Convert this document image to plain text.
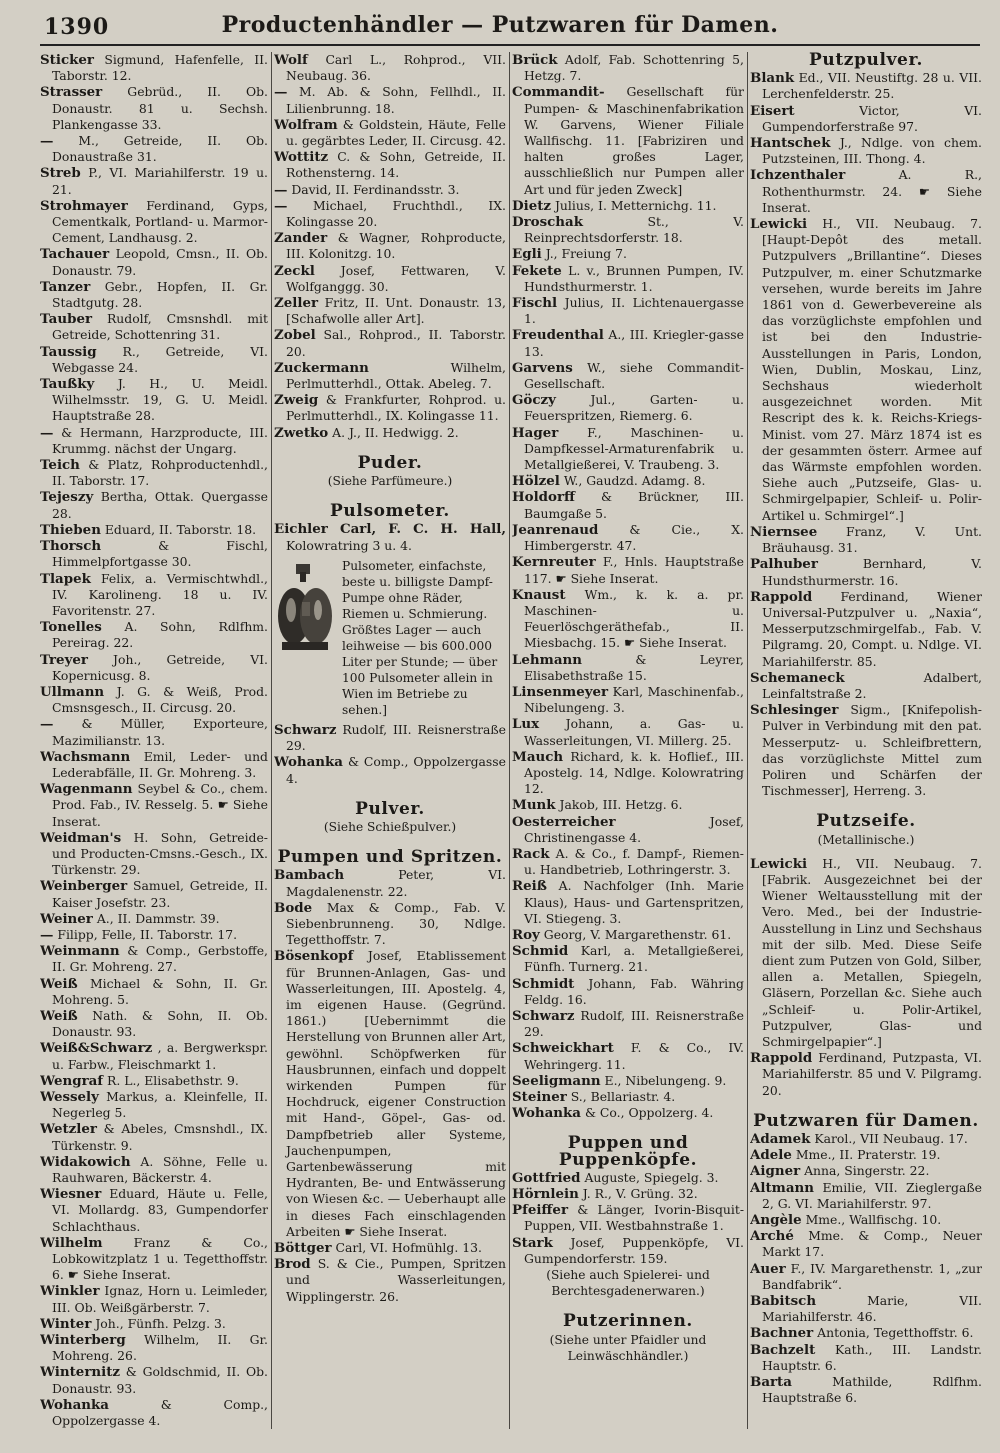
1390	Productenhändler — Putzwaren für Damen.

Sticker Sigmund, Hafenfelle, II. Taborstr. 12.

Strasser Gebrüd., II. Ob. Donaustr. 81 u. Sechsh. Plankengasse 33.

— M., Getreide, II. Ob. Donaustraße 31.

Streb P., VI. Mariahilferstr. 19 u. 21.

Strohmayer Ferdinand, Gyps, Cementkalk, Portland- u. Marmor-Cement, Landhausg. 2.

Tachauer Leopold, Cmsn., II. Ob. Donaustr. 79.

Tanzer Gebr., Hopfen, II. Gr. Stadtgutg. 28.

Tauber Rudolf, Cmsnshdl. mit Getreide, Schottenring 31.

Taussig R., Getreide, VI. Webgasse 24.

Taußky J. H., U. Meidl. Wilhelmsstr. 19, G. U. Meidl. Hauptstraße 28.

— & Hermann, Harzproducte, III. Krummg. nächst der Ungarg.

Teich & Platz, Rohproductenhdl., II. Taborstr. 17.

Tejeszy Bertha, Ottak. Quergasse 28.

Thieben Eduard, II. Taborstr. 18.

Thorsch	& Fischl, Himmelpfortgasse 30.

Tlapek Felix, a. Vermischtwhdl., IV. Karolineng. 18 u. IV. Favoritenstr. 27.

Tonelles A. Sohn, Rdlfhm. Pereirag. 22.

Treyer Joh., Getreide, VI. Kopernicusg. 8.

Ullmann J. G. & Weiß, Prod. Cmsnsgesch., II. Circusg. 20.

— & Müller, Exporteure, Mazimilianstr. 13.

Wachsmann Emil, Leder- und Lederabfälle, II. Gr. Mohreng. 3.

Wagenmann Seybel & Co., chem. Prod. Fab., IV. Resselg. 5. ☛ Siehe Inserat.

Weidman's H. Sohn, Getreide- und Producten-Cmsns.-Gesch., IX. Türkenstr. 29.

Weinberger Samuel, Getreide, II. Kaiser Josefstr. 23.

Weiner A., II. Dammstr. 39.

— Filipp, Felle, II. Taborstr. 17.

Weinmann & Comp., Gerbstoffe, II. Gr. Mohreng. 27.

Weiß Michael & Sohn, II. Gr. Mohreng. 5.

Weiß Nath. & Sohn, II. Ob. Donaustr. 93.

Weiß&Schwarz , a. Bergwerkspr. u. Farbw., Fleischmarkt 1.

Wengraf R. L., Elisabethstr. 9.

Wessely Markus, a. Kleinfelle, II. Negerleg 5.

Wetzler & Abeles, Cmsnshdl., IX. Türkenstr. 9.

Widakowich A. Söhne, Felle u. Rauhwaren, Bäckerstr. 4.

Wiesner Eduard, Häute u. Felle, VI. Mollardg. 83, Gumpendorfer Schlachthaus.

Wilhelm	Franz & Co., Lobkowitzplatz 1 u. Tegetthoffstr. 6. ☛ Siehe Inserat.

Winkler Ignaz, Horn u. Leimleder, III. Ob. Weißgärberstr. 7.

Winter Joh., Fünfh. Pelzg. 3.

Winterberg Wilhelm, II. Gr. Mohreng. 26.

Winternitz & Goldschmid, II. Ob. Donaustr. 93.

Wohanka	& Comp., Oppolzergasse 4.

Wolf Carl L., Rohprod., VII. Neubaug. 36.

— M. Ab. & Sohn, Fellhdl., II. Lilienbrunng. 18.

Wolfram & Goldstein, Häute, Felle u. gegärbtes Leder, II. Circusg. 42.

Wottitz C. & Sohn, Getreide, II. Rothensterng. 14.

— David, II. Ferdinandsstr. 3.

— Michael, Fruchthdl., IX. Kolingasse 20.

Zander & Wagner, Rohproducte, III. Kolonitzg. 10.

Zeckl Josef, Fettwaren, V. Wolfganggg. 30.

Zeller Fritz, II. Unt. Donaustr. 13, [Schafwolle aller Art].

Zobel Sal., Rohprod., II. Taborstr. 20.

Zuckermann	Wilhelm, Perlmutterhdl., Ottak. Abeleg. 7.

Zweig & Frankfurter, Rohprod. u. Perlmutterhdl., IX. Kolingasse 11.

Zwetko A. J., II. Hedwigg. 2.

Puder.
(Siehe Parfümeure.)
Pulsometer.

Eichler Carl, F. C. H. Hall, Kolowratring 3 u. 4.

Pulsometer, einfachste, beste u. billigste Dampf-Pumpe ohne Räder, Riemen u. Schmierung. Größtes Lager — auch leihweise — bis 600.000 Liter per Stunde; — über 100 Pulsometer allein in Wien im Betriebe zu sehen.]

Schwarz Rudolf, III. Reisnerstraße 29.

Wohanka & Comp., Oppolzergasse 4.

Pulver.
(Siehe Schießpulver.)
Pumpen und Spritzen.

Bambach	Peter, VI. Magdalenenstr. 22.

Bode Max & Comp., Fab. V. Siebenbrunneng. 30, Ndlge. Tegetthoffstr. 7.

Bösenkopf Josef, Etablissement für Brunnen-Anlagen, Gas- und Wasserleitungen, III. Apostelg. 4, im eigenen Hause. (Gegründ. 1861.) [Uebernimmt die Herstellung von Brunnen aller Art, gewöhnl. Schöpfwerken für Hausbrunnen, einfach und doppelt wirkenden Pumpen für Hochdruck, eigener Construction mit Hand-, Göpel-, Gas- od. Dampfbetrieb aller Systeme, Jauchenpumpen, Gartenbewässerung mit Hydranten, Be- und Entwässerung von Wiesen &c. — Ueberhaupt alle in dieses Fach einschlagenden Arbeiten ☛ Siehe Inserat.

Böttger Carl, VI. Hofmühlg. 13.

Brod S. & Cie., Pumpen, Spritzen und Wasserleitungen, Wipplingerstr. 26.

Brück Adolf, Fab. Schottenring 5, Hetzg. 7.

Commandit- Gesellschaft für Pumpen- & Maschinenfabrikation W. Garvens, Wiener Filiale Wallfischg. 11. [Fabriziren und halten großes Lager, ausschließlich nur Pumpen aller Art und für jeden Zweck]

Dietz Julius, I. Metternichg. 11.

Droschak	St., V. Reinprechtsdorferstr. 18.

Egli J., Freiung 7.

Fekete L. v., Brunnen Pumpen, IV. Hundsthurmerstr. 1.

Fischl Julius, II. Lichtenauergasse 1.

Freudenthal A., III. Kriegler-gasse 13.

Garvens W., siehe Commandit-Gesellschaft.

Göczy	Jul., Garten- u. Feuerspritzen, Riemerg. 6.

Hager F., Maschinen- u. Dampfkessel-Armaturenfabrik u. Metallgießerei, V. Traubeng. 3.

Hölzel W., Gaudzd. Adamg. 8.

Holdorff & Brückner, III. Baumgaße 5.

Jeanrenaud	& Cie., X. Himbergerstr. 47.

Kernreuter F., Hnls. Hauptstraße 117. ☛ Siehe Inserat.

Knaust Wm., k. k. a. pr. Maschinen- u. Feuerlöschgeräthefab., II. Miesbachg. 15. ☛ Siehe Inserat.

Lehmann	& Leyrer, Elisabethstraße 15.

Linsenmeyer Karl, Maschinenfab., Nibelungeng. 3.

Lux Johann, a. Gas- u. Wasserleitungen, VI. Millerg. 25.

Mauch Richard, k. k. Hoflief., III. Apostelg. 14, Ndlge. Kolowratring 12.

Munk Jakob, III. Hetzg. 6.

Oesterreicher	Josef, Christinengasse 4.

Rack A. & Co., f. Dampf-, Riemen- u. Handbetrieb, Lothringerstr. 3.

Reiß A. Nachfolger (Inh. Marie Klaus), Haus- und Gartenspritzen, VI. Stiegeng. 3.

Roy Georg, V. Margarethenstr. 61.

Schmid Karl, a. Metallgießerei, Fünfh. Turnerg. 21.

Schmidt Johann, Fab. Währing Feldg. 16.

Schwarz Rudolf, III. Reisnerstraße 29.

Schweickhart F. & Co., IV. Wehringerg. 11.

Seeligmann E., Nibelungeng. 9.

Steiner S., Bellariastr. 4.

Wohanka & Co., Oppolzerg. 4.

Puppen und Puppenköpfe.

Gottfried Auguste, Spiegelg. 3.

Hörnlein J. R., V. Grüng. 32.

Pfeiffer & Länger, Ivorin-Bisquit-Puppen, VII. Westbahnstraße 1.

Stark Josef, Puppenköpfe, VI. Gumpendorferstr. 159.

(Siehe auch Spielerei- und Berchtesgadenerwaren.)
Putzerinnen.
(Siehe unter Pfaidler und Leinwäschhändler.)
Putzpulver.

Blank Ed., VII. Neustiftg. 28 u. VII. Lerchenfelderstr. 25.

Eisert	Victor, VI. Gumpendorferstraße 97.

Hantschek J., Ndlge. von chem. Putzsteinen, III. Thong. 4.

Ichzenthaler	A. R., Rothenthurmstr. 24. ☛ Siehe Inserat.

Lewicki H., VII. Neubaug. 7. [Haupt-Depôt des metall. Putzpulvers „Brillantine“. Dieses Putzpulver, m. einer Schutzmarke versehen, wurde bereits im Jahre 1861 von d. Gewerbevereine als das vorzüglichste empfohlen und ist bei den Industrie-Ausstellungen in Paris, London, Wien, Dublin, Moskau, Linz, Sechshaus wiederholt ausgezeichnet worden. Mit Rescript des k. k. Reichs-Kriegs-Minist. vom 27. März 1874 ist es der gesammten österr. Armee auf das Wärmste empfohlen worden. Siehe auch „Putzseife, Glas- u. Schmirgelpapier, Schleif- u. Polir-Artikel u. Schmirgel“.]

Niernsee Franz, V. Unt. Bräuhausg. 31.

Palhuber	Bernhard, V. Hundsthurmerstr. 16.

Rappold Ferdinand, Wiener Universal-Putzpulver u. „Naxia“, Messerputzschmirgelfab., Fab. V. Pilgramg. 20, Compt. u. Ndlge. VI. Mariahilferstr. 85.

Schemaneck	Adalbert, Leinfaltstraße 2.

Schlesinger Sigm., [Knifepolish-Pulver in Verbindung mit den pat. Messerputz- u. Schleifbrettern, das vorzüglichste Mittel zum Poliren und Schärfen der Tischmesser], Herreng. 3.

Putzseife.
(Metallinische.)

Lewicki H., VII. Neubaug. 7. [Fabrik. Ausgezeichnet bei der Wiener Weltausstellung mit der Vero. Med., bei der Industrie-Ausstellung in Linz und Sechshaus mit der silb. Med. Diese Seife dient zum Putzen von Gold, Silber, allen a. Metallen, Spiegeln, Gläsern, Porzellan &c. Siehe auch „Schleif- u. Polir-Artikel, Putzpulver, Glas- und Schmirgelpapier“.]

Rappold Ferdinand, Putzpasta, VI. Mariahilferstr. 85 und V. Pilgramg. 20.

Putzwaren für Damen.

Adamek Karol., VII Neubaug. 17.

Adele Mme., II. Praterstr. 19.

Aigner Anna, Singerstr. 22.

Altmann Emilie, VII. Zieglergaße 2, G. VI. Mariahilferstr. 97.

Angèle Mme., Wallfischg. 10.

Arché Mme. & Comp., Neuer Markt 17.

Auer F., IV. Margarethenstr. 1, „zur Bandfabrik“.

Babitsch	Marie, VII. Mariahilferstr. 46.

Bachner Antonia, Tegetthoffstr. 6.

Bachzelt Kath., III. Landstr. Hauptstr. 6.

Barta	Mathilde, Rdlfhm. Hauptstraße 6.
